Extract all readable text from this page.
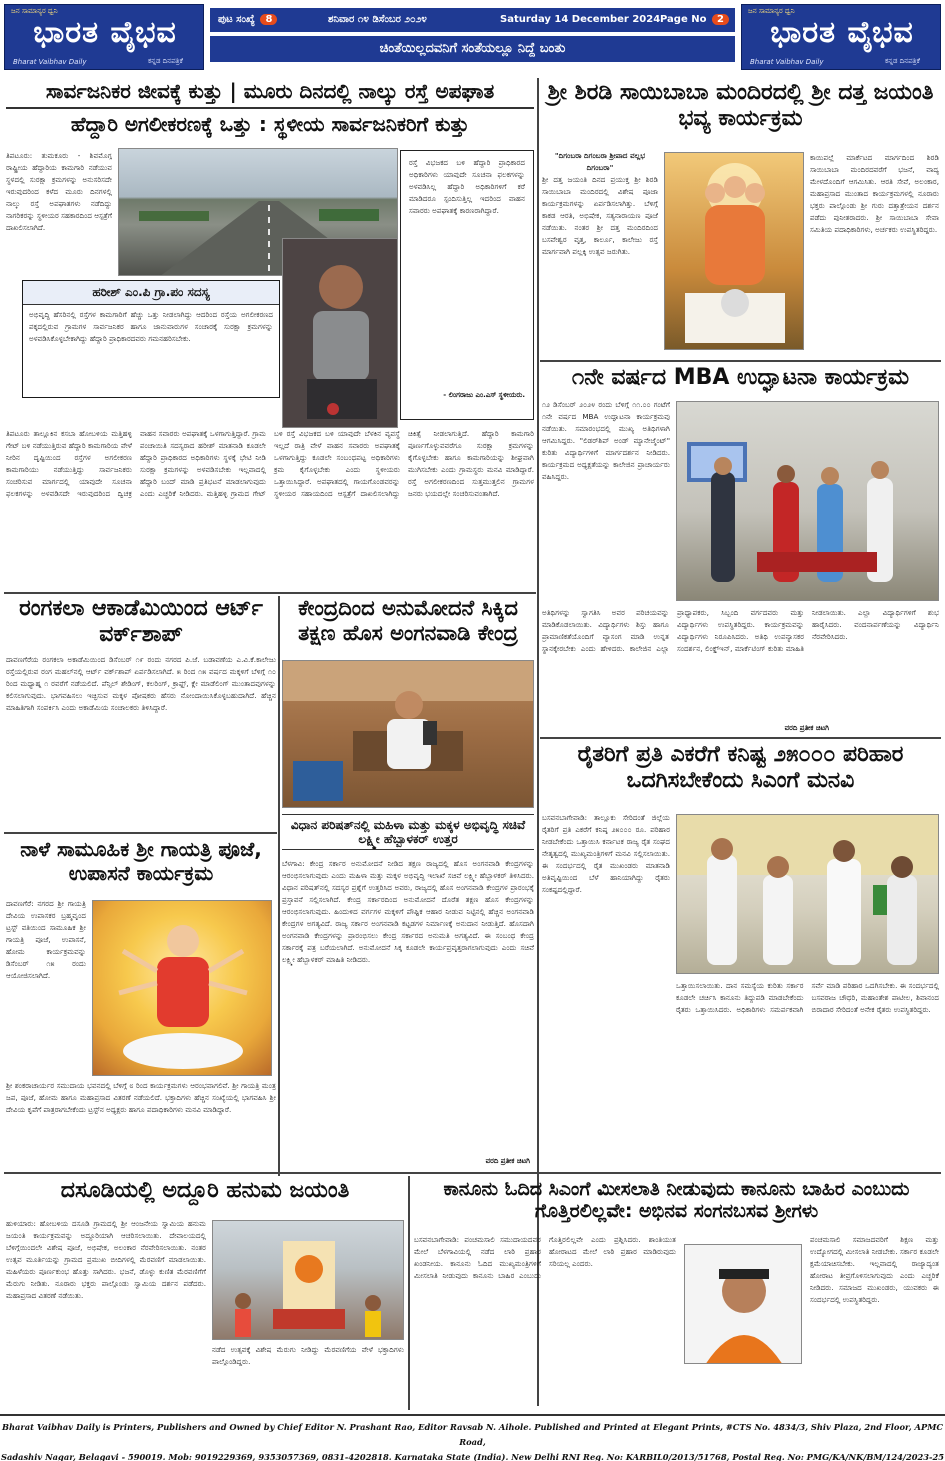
ಜನ ಸಾಮಾನ್ಯರ ಧ್ವನಿ
ಭಾರತ ವೈಭವ
Bharat Vaibhav Daily	ಕನ್ನಡ ದಿನಪತ್ರಿಕೆ
ಪುಟ ಸಂಖ್ಯೆ 8	ಶನಿವಾರ ೧೪ ಡಿಸೆಂಬರ ೨೦೨೪	Saturday 14 December 2024 Page No 2
ಚಿಂತೆಯಿಲ್ಲದವನಿಗೆ ಸಂತೆಯಲ್ಲೂ ನಿದ್ದೆ ಬಂತು
ಜನ ಸಾಮಾನ್ಯರ ಧ್ವನಿ
ಭಾರತ ವೈಭವ
Bharat Vaibhav Daily	ಕನ್ನಡ ದಿನಪತ್ರಿಕೆ
ಸಾರ್ವಜನಿಕರ ಜೀವಕ್ಕೆ ಕುತ್ತು | ಮೂರು ದಿನದಲ್ಲಿ ನಾಲ್ಕು ರಸ್ತೆ ಅಪಘಾತ
ಹೆದ್ದಾರಿ ಅಗಲೀಕರಣಕ್ಕೆ ಒತ್ತು : ಸ್ಥಳೀಯ ಸಾರ್ವಜನಿಕರಿಗೆ ಕುತ್ತು
ತಿಪಟೂರು: ತುಮಕೂರು - ಶಿವಮೊಗ್ಗ ರಾಷ್ಟ್ರೀಯ ಹೆದ್ದಾರಿಯ ಕಾಮಗಾರಿ ನಡೆಯುವ ಸ್ಥಳದಲ್ಲಿ ಸುರಕ್ಷಾ ಕ್ರಮಗಳನ್ನು ಅನುಸರಿಸದೇ ಇರುವುದರಿಂದ ಕಳೆದ ಮೂರು ದಿನಗಳಲ್ಲಿ ನಾಲ್ಕು ರಸ್ತೆ ಅಪಘಾತಗಳು ನಡೆದಿದ್ದು ನಾಗರಿಕರನ್ನು ಸ್ಥಳೀಯರ ಸಹಕಾರದಿಂದ ಆಸ್ಪತ್ರೆಗೆ ದಾಖಲಿಸಲಾಗಿದೆ.
ರಸ್ತೆ ವಿಭಜಕದ ಬಳಿ ಹೆದ್ದಾರಿ ಪ್ರಾಧಿಕಾರದ ಅಧಿಕಾರಿಗಳು ಯಾವುದೇ ಸೂಚನಾ ಫಲಕಗಳನ್ನು ಅಳವಡಿಸಿಲ್ಲ ಹೆದ್ದಾರಿ ಅಧಿಕಾರಿಗಳಿಗೆ ಕರೆ ಮಾಡಿದರೂ ಸ್ಪಂದಿಸುತ್ತಿಲ್ಲ ಇದರಿಂದ ವಾಹನ ಸವಾರರು ಅಪಘಾತಕ್ಕೆ ಕಾರಣರಾಗಿದ್ದಾರೆ.
- ಲಿಂಗರಾಜು ಎಂ.ಎಸ್ ಸ್ಥಳೀಯರು.
ಹರೀಶ್ ಎಂ.ಪಿ ಗ್ರಾ.ಪಂ ಸದಸ್ಯ
ಅಭಿವೃದ್ಧಿ ಹೆಸರಿನಲ್ಲಿ ರಸ್ತೆಗಳ ಕಾಮಗಾರಿಗೆ ಹೆಚ್ಚು ಒತ್ತು ನೀಡಲಾಗಿದ್ದು ಆದರಿಂದ ರಸ್ತೆಯ ಅಗಲೀಕರಣದ ಪಕ್ಕದಲ್ಲಿರುವ ಗ್ರಾಮಗಳ ಸಾರ್ವಜನಿಕರ ಹಾಗೂ ಜಾನುವಾರುಗಳ ಸಂಚಾರಕ್ಕೆ ಸುರಕ್ಷಾ ಕ್ರಮಗಳನ್ನು ಅಳವಡಿಸಿಕೊಳ್ಳಬೇಕಾಗಿದ್ದು ಹೆದ್ದಾರಿ ಪ್ರಾಧಿಕಾರದವರು ಗಮನಹರಿಸಬೇಕು.
ತಿಪಟೂರು ತಾಲ್ಲೂಕಿನ ಕಸಬಾ ಹೋಬಳಿಯ ಮತ್ತಿಹಳ್ಳಿ ಗೇಟ್ ಬಳಿ ನಡೆಯುತ್ತಿರುವ ಹೆದ್ದಾರಿ ಕಾಮಗಾರಿಯ ವೇಳೆ ನೀರಿನ ದೃಷ್ಟಿಯಿಂದ ರಸ್ತೆಗಳ ಅಗಲೀಕರಣ ಕಾಮಗಾರಿಯು ನಡೆಯುತ್ತಿದ್ದು ಸಾರ್ವಜನಿಕರು ಸಂಚರಿಸುವ ಮಾರ್ಗದಲ್ಲಿ ಯಾವುದೇ ಸೂಚನಾ ಫಲಕಗಳನ್ನು ಅಳವಡಿಸದೇ ಇರುವುದರಿಂದ ದ್ವಿಚಕ್ರ ವಾಹನ ಸವಾರರು ಅಪಘಾತಕ್ಕೆ ಒಳಗಾಗುತ್ತಿದ್ದಾರೆ. ಗ್ರಾಮ ಪಂಚಾಯಿತಿ ಸದಸ್ಯರಾದ ಹರೀಶ್ ಮಾತನಾಡಿ ಕೂಡಲೇ ಹೆದ್ದಾರಿ ಪ್ರಾಧಿಕಾರದ ಅಧಿಕಾರಿಗಳು ಸ್ಥಳಕ್ಕೆ ಭೇಟಿ ನೀಡಿ ಸುರಕ್ಷಾ ಕ್ರಮಗಳನ್ನು ಅಳವಡಿಸಬೇಕು ಇಲ್ಲವಾದಲ್ಲಿ ಹೆದ್ದಾರಿ ಬಂದ್ ಮಾಡಿ ಪ್ರತಿಭಟನೆ ಮಾಡಲಾಗುವುದು ಎಂದು ಎಚ್ಚರಿಕೆ ನೀಡಿದರು. ಮತ್ತಿಹಳ್ಳಿ ಗ್ರಾಮದ ಗೇಟ್ ಬಳಿ ರಸ್ತೆ ವಿಭಜಕದ ಬಳಿ ಯಾವುದೇ ಬೆಳಕಿನ ವ್ಯವಸ್ಥೆ ಇಲ್ಲದೆ ರಾತ್ರಿ ವೇಳೆ ವಾಹನ ಸವಾರರು ಅಪಘಾತಕ್ಕೆ ಒಳಗಾಗುತ್ತಿದ್ದು ಕೂಡಲೇ ಸಂಬಂಧಪಟ್ಟ ಅಧಿಕಾರಿಗಳು ಕ್ರಮ ಕೈಗೊಳ್ಳಬೇಕು ಎಂದು ಸ್ಥಳೀಯರು ಒತ್ತಾಯಿಸಿದ್ದಾರೆ. ಅಪಘಾತದಲ್ಲಿ ಗಾಯಗೊಂಡವರನ್ನು ಸ್ಥಳೀಯರ ಸಹಾಯದಿಂದ ಆಸ್ಪತ್ರೆಗೆ ದಾಖಲಿಸಲಾಗಿದ್ದು ಚಿಕಿತ್ಸೆ ನೀಡಲಾಗುತ್ತಿದೆ. ಹೆದ್ದಾರಿ ಕಾಮಗಾರಿ ಪೂರ್ಣಗೊಳ್ಳುವವರೆಗೂ ಸುರಕ್ಷಾ ಕ್ರಮಗಳನ್ನು ಕೈಗೊಳ್ಳಬೇಕು ಹಾಗೂ ಕಾಮಗಾರಿಯನ್ನು ಶೀಘ್ರವಾಗಿ ಮುಗಿಸಬೇಕು ಎಂದು ಗ್ರಾಮಸ್ಥರು ಮನವಿ ಮಾಡಿದ್ದಾರೆ. ರಸ್ತೆ ಅಗಲೀಕರಣದಿಂದ ಸುತ್ತಮುತ್ತಲಿನ ಗ್ರಾಮಗಳ ಜನರು ಭಯದಲ್ಲೇ ಸಂಚರಿಸುವಂತಾಗಿದೆ.
ಶ್ರೀ ಶಿರಡಿ ಸಾಯಿಬಾಬಾ ಮಂದಿರದಲ್ಲಿ ಶ್ರೀ ದತ್ತ ಜಯಂತಿ ಭವ್ಯ ಕಾರ್ಯಕ್ರಮ
"ದಿಗಂಬರಾ ದಿಗಂಬರಾ ಶ್ರೀಪಾದ ವಲ್ಲಭ ದಿಗಂಬರಾ"
ಶ್ರೀ ದತ್ತ ಜಯಂತಿ ದಿನದ ಪ್ರಯುಕ್ತ ಶ್ರೀ ಶಿರಡಿ ಸಾಯಿಬಾಬಾ ಮಂದಿರದಲ್ಲಿ ವಿಶೇಷ ಪೂಜಾ ಕಾರ್ಯಕ್ರಮಗಳನ್ನು ಏರ್ಪಡಿಸಲಾಗಿತ್ತು. ಬೆಳಿಗ್ಗೆ ಕಾಕಡ ಆರತಿ, ಅಭಿಷೇಕ, ಸತ್ಯನಾರಾಯಣ ಪೂಜೆ ನಡೆಯಿತು. ನಂತರ ಶ್ರೀ ದತ್ತ ಮಂದಿರದಿಂದ ಬಸವೇಶ್ವರ ವೃತ್ತ, ಕಾರ್ಲೂ, ಕಾಲೇಜು ರಸ್ತೆ ಮಾರ್ಗವಾಗಿ ಪಲ್ಲಕ್ಕಿ ಉತ್ಸವ ಜರುಗಿತು.
ಕಾಯಿಪಲ್ಲೆ ಮಾರ್ಕೆಟದ ಮಾರ್ಗದಿಂದ ಶಿರಡಿ ಸಾಯಿಬಾಬಾ ಮಂದಿರದವರೆಗೆ ಭಜನೆ, ವಾದ್ಯ ಮೇಳದೊಂದಿಗೆ ಆಗಮಿಸಿತು. ಆರತಿ ಸೇವೆ, ಅಲಂಕಾರ, ಮಹಾಪ್ರಸಾದ ಮುಂತಾದ ಕಾರ್ಯಕ್ರಮಗಳಲ್ಲಿ ನೂರಾರು ಭಕ್ತರು ಪಾಲ್ಗೊಂಡು ಶ್ರೀ ಗುರು ದತ್ತಾತ್ರೇಯನ ದರ್ಶನ ಪಡೆದು ಪುನೀತರಾದರು. ಶ್ರೀ ಸಾಯಿಬಾಬಾ ಸೇವಾ ಸಮಿತಿಯ ಪದಾಧಿಕಾರಿಗಳು, ಅರ್ಚಕರು ಉಪಸ್ಥಿತರಿದ್ದರು.
೧ನೇ ವರ್ಷದ MBA ಉದ್ಘಾಟನಾ ಕಾರ್ಯಕ್ರಮ
೧೨ ಡಿಸೆಂಬರ್ ೨೦೨೪ ರಂದು ಬೆಳಿಗ್ಗೆ ೧೧.೦೦ ಗಂಟೆಗೆ ೧ನೇ ವರ್ಷದ MBA ಉದ್ಘಾಟನಾ ಕಾರ್ಯಕ್ರಮವು ನಡೆಯಿತು. ಸಮಾರಂಭದಲ್ಲಿ ಮುಖ್ಯ ಅತಿಥಿಗಳಾಗಿ ಆಗಮಿಸಿದ್ದರು. "ಲಿಡರ್‌ಶಿಪ್ ಅಂಡ್ ಮ್ಯಾನೇಜ್ಮೆಂಟ್" ಕುರಿತು ವಿದ್ಯಾರ್ಥಿಗಳಿಗೆ ಮಾರ್ಗದರ್ಶನ ನೀಡಿದರು. ಕಾರ್ಯಕ್ರಮದ ಅಧ್ಯಕ್ಷತೆಯನ್ನು ಕಾಲೇಜಿನ ಪ್ರಾಚಾರ್ಯರು ವಹಿಸಿದ್ದರು.
ಅತಿಥಿಗಳನ್ನು ಸ್ವಾಗತಿಸಿ ಅವರ ಪರಿಚಯವನ್ನು ಮಾಡಿಕೊಡಲಾಯಿತು. ವಿದ್ಯಾರ್ಥಿಗಳು ಶಿಸ್ತು ಹಾಗೂ ಪ್ರಾಮಾಣಿಕತೆಯೊಂದಿಗೆ ವ್ಯಾಸಂಗ ಮಾಡಿ ಉನ್ನತ ಸ್ಥಾನಕ್ಕೇರಬೇಕು ಎಂದು ಹೇಳಿದರು. ಕಾಲೇಜಿನ ಎಲ್ಲಾ ಪ್ರಾಧ್ಯಾಪಕರು, ಸಿಬ್ಬಂದಿ ವರ್ಗದವರು ಮತ್ತು ವಿದ್ಯಾರ್ಥಿಗಳು ಉಪಸ್ಥಿತರಿದ್ದರು. ಕಾರ್ಯಕ್ರಮವನ್ನು ವಿದ್ಯಾರ್ಥಿಗಳು ನಿರೂಪಿಸಿದರು. ಅತಿಥಿ ಉಪನ್ಯಾಸಕರ ಸಂದರ್ಶನ, ಲಿಂಕ್ಡ್‌ಇನ್, ಮಾರ್ಕೆಟಿಂಗ್ ಕುರಿತು ಮಾಹಿತಿ ನೀಡಲಾಯಿತು. ಎಲ್ಲಾ ವಿದ್ಯಾರ್ಥಿಗಳಿಗೆ ಶುಭ ಹಾರೈಸಿದರು. ವಂದನಾರ್ಪಣೆಯನ್ನು ವಿದ್ಯಾರ್ಥಿನಿ ನೆರವೇರಿಸಿದರು.
ವರದಿ ಪ್ರತೀಕ ಚಿಟಗಿ
ರೈತರಿಗೆ ಪ್ರತಿ ಎಕರೆಗೆ ಕನಿಷ್ಟ ೨೫೦೦೦ ಪರಿಹಾರ ಒದಗಿಸಬೇಕೆಂದು ಸಿಎಂಗೆ ಮನವಿ
ಬಸವನಬಾಗೇವಾಡಿ: ತಾಲ್ಲೂಕು ಸೇರಿದಂತೆ ಜಿಲ್ಲೆಯ ರೈತರಿಗೆ ಪ್ರತಿ ಎಕರೆಗೆ ಕನಿಷ್ಠ ೨೫೦೦೦ ರೂ. ಪರಿಹಾರ ನೀಡಬೇಕೆಂದು ಒತ್ತಾಯಿಸಿ ಕರ್ನಾಟಕ ರಾಜ್ಯ ರೈತ ಸಂಘದ ನೇತೃತ್ವದಲ್ಲಿ ಮುಖ್ಯಮಂತ್ರಿಗಳಿಗೆ ಮನವಿ ಸಲ್ಲಿಸಲಾಯಿತು. ಈ ಸಂದರ್ಭದಲ್ಲಿ ರೈತ ಮುಖಂಡರು ಮಾತನಾಡಿ ಅತಿವೃಷ್ಟಿಯಿಂದ ಬೆಳೆ ಹಾನಿಯಾಗಿದ್ದು ರೈತರು ಸಂಕಷ್ಟದಲ್ಲಿದ್ದಾರೆ.
ಒತ್ತಾಯಿಸಲಾಯಿತು. ದಾನ ಸಮಸ್ಯೆಯ ಕುರಿತು ಸರ್ಕಾರ ಕೂಡಲೇ ಚರ್ಚಿಸಿ ಕಾನೂನು ತಿದ್ದುಪಡಿ ಮಾಡಬೇಕೆಂದು ರೈತರು ಒತ್ತಾಯಿಸಿದರು. ಅಧಿಕಾರಿಗಳು ಸಮರ್ಪಕವಾಗಿ ಸರ್ವೆ ಮಾಡಿ ಪರಿಹಾರ ಒದಗಿಸಬೇಕು. ಈ ಸಂದರ್ಭದಲ್ಲಿ ಬಸವರಾಜ ಚೌಧರಿ, ಮಹಾಂತೇಶ ಪಾಟೀಲ, ಶಿವಾನಂದ ಬಿರಾದಾರ ಸೇರಿದಂತೆ ಅನೇಕ ರೈತರು ಉಪಸ್ಥಿತರಿದ್ದರು.
ರಂಗಕಲಾ ಆಕಾಡೆಮಿಯಿಂದ ಆರ್ಟ್ ವರ್ಕ್‌ಶಾಪ್
ದಾವಣಗೆರೆಯ ರಂಗಕಲಾ ಅಕಾಡೆಮಿಯಿಂದ ಡಿಸೆಂಬರ್ ೧೯ ರಂದು ನಗರದ ಪಿ.ಜೆ. ಬಡಾವಣೆಯ ಎ.ವಿ.ಕೆ.ಕಾಲೇಜು ರಸ್ತೆಯಲ್ಲಿರುವ ರಂಗ ಮಹಲ್‌ನಲ್ಲಿ ಆರ್ಟ್ ವರ್ಕ್‌ಶಾಪ್ ಏರ್ಪಡಿಸಲಾಗಿದೆ. ೫ ರಿಂದ ೧೫ ವರ್ಷದ ಮಕ್ಕಳಿಗೆ ಬೆಳಿಗ್ಗೆ ೧೦ ರಿಂದ ಮಧ್ಯಾಹ್ನ ೧ ರವರೆಗೆ ನಡೆಯಲಿದೆ. ಪೆನ್ಸಿಲ್ ಶೇಡಿಂಗ್, ಕಲರಿಂಗ್, ಕ್ರಾಫ್ಟ್, ಕ್ಲೇ ಮಾಡೆಲಿಂಗ್ ಮುಂತಾದವುಗಳನ್ನು ಕಲಿಸಲಾಗುವುದು. ಭಾಗವಹಿಸಲು ಇಚ್ಛಿಸುವ ಮಕ್ಕಳ ಪೋಷಕರು ಹೆಸರು ನೋಂದಾಯಿಸಿಕೊಳ್ಳಬಹುದಾಗಿದೆ. ಹೆಚ್ಚಿನ ಮಾಹಿತಿಗಾಗಿ ಸಂಪರ್ಕಿಸಿ ಎಂದು ಅಕಾಡೆಮಿಯ ಸಂಚಾಲಕರು ತಿಳಿಸಿದ್ದಾರೆ.
ನಾಳೆ ಸಾಮೂಹಿಕ ಶ್ರೀ ಗಾಯತ್ರಿ ಪೂಜೆ, ಉಪಾಸನೆ ಕಾರ್ಯಕ್ರಮ
ದಾವಣಗೆರೆ: ನಗರದ ಶ್ರೀ ಗಾಯತ್ರಿ ದೇವಿಯ ಉಪಾಸಕರ ಬ್ರಹ್ಮವೃಂದ ಟ್ರಸ್ಟ್ ವತಿಯಿಂದ ಸಾಮೂಹಿಕ ಶ್ರೀ ಗಾಯತ್ರಿ ಪೂಜೆ, ಉಪಾಸನೆ, ಹೋಮ ಕಾರ್ಯಕ್ರಮವನ್ನು ಡಿಸೆಂಬರ್ ೧೫ ರಂದು ಆಯೋಜಿಸಲಾಗಿದೆ.
ಶ್ರೀ ಶಂಕರಾಚಾರ್ಯರ ಸಮುದಾಯ ಭವನದಲ್ಲಿ ಬೆಳಿಗ್ಗೆ ೮ ರಿಂದ ಕಾರ್ಯಕ್ರಮಗಳು ಆರಂಭವಾಗಲಿವೆ. ಶ್ರೀ ಗಾಯತ್ರಿ ಮಂತ್ರ ಜಪ, ಪೂಜೆ, ಹೋಮ ಹಾಗೂ ಮಹಾಪ್ರಸಾದ ವಿತರಣೆ ನಡೆಯಲಿದೆ. ಭಕ್ತಾದಿಗಳು ಹೆಚ್ಚಿನ ಸಂಖ್ಯೆಯಲ್ಲಿ ಭಾಗವಹಿಸಿ ಶ್ರೀ ದೇವಿಯ ಕೃಪೆಗೆ ಪಾತ್ರರಾಗಬೇಕೆಂದು ಟ್ರಸ್ಟ್‌ನ ಅಧ್ಯಕ್ಷರು ಹಾಗೂ ಪದಾಧಿಕಾರಿಗಳು ಮನವಿ ಮಾಡಿದ್ದಾರೆ.
ಕೇಂದ್ರದಿಂದ ಅನುಮೋದನೆ ಸಿಕ್ಕಿದ ತಕ್ಷಣ ಹೊಸ ಅಂಗನವಾಡಿ ಕೇಂದ್ರ
ವಿಧಾನ ಪರಿಷತ್‌ನಲ್ಲಿ ಮಹಿಳಾ ಮತ್ತು ಮಕ್ಕಳ ಅಭಿವೃದ್ಧಿ ಸಚಿವೆ ಲಕ್ಷ್ಮೀ ಹೆಬ್ಬಾಳಕರ್ ಉತ್ತರ
ಬೆಳಗಾವಿ: ಕೇಂದ್ರ ಸರ್ಕಾರ ಅನುಮೋದನೆ ನೀಡಿದ ತಕ್ಷಣ ರಾಜ್ಯದಲ್ಲಿ ಹೊಸ ಅಂಗನವಾಡಿ ಕೇಂದ್ರಗಳನ್ನು ಆರಂಭಿಸಲಾಗುವುದು ಎಂದು ಮಹಿಳಾ ಮತ್ತು ಮಕ್ಕಳ ಅಭಿವೃದ್ಧಿ ಇಲಾಖೆ ಸಚಿವೆ ಲಕ್ಷ್ಮೀ ಹೆಬ್ಬಾಳಕರ್ ತಿಳಿಸಿದರು. ವಿಧಾನ ಪರಿಷತ್‌ನಲ್ಲಿ ಸದಸ್ಯರ ಪ್ರಶ್ನೆಗೆ ಉತ್ತರಿಸಿದ ಅವರು, ರಾಜ್ಯದಲ್ಲಿ ಹೊಸ ಅಂಗನವಾಡಿ ಕೇಂದ್ರಗಳ ಪ್ರಾರಂಭಕ್ಕೆ ಪ್ರಸ್ತಾವನೆ ಸಲ್ಲಿಸಲಾಗಿದೆ. ಕೇಂದ್ರ ಸರ್ಕಾರದಿಂದ ಅನುಮೋದನೆ ದೊರೆತ ತಕ್ಷಣ ಹೊಸ ಕೇಂದ್ರಗಳನ್ನು ಆರಂಭಿಸಲಾಗುವುದು. ಹಿಂದುಳಿದ ವರ್ಗಗಳ ಮಕ್ಕಳಿಗೆ ಪೌಷ್ಟಿಕ ಆಹಾರ ನೀಡುವ ನಿಟ್ಟಿನಲ್ಲಿ ಹೆಚ್ಚಿನ ಅಂಗನವಾಡಿ ಕೇಂದ್ರಗಳ ಅಗತ್ಯವಿದೆ. ರಾಜ್ಯ ಸರ್ಕಾರ ಅಂಗನವಾಡಿ ಕಟ್ಟಡಗಳ ನಿರ್ಮಾಣಕ್ಕೆ ಅನುದಾನ ನೀಡುತ್ತಿದೆ. ಹೊಸದಾಗಿ ಅಂಗನವಾಡಿ ಕೇಂದ್ರಗಳನ್ನು ಪ್ರಾರಂಭಿಸಲು ಕೇಂದ್ರ ಸರ್ಕಾರದ ಅನುಮತಿ ಅಗತ್ಯವಿದೆ. ಈ ಸಂಬಂಧ ಕೇಂದ್ರ ಸರ್ಕಾರಕ್ಕೆ ಪತ್ರ ಬರೆಯಲಾಗಿದೆ. ಅನುಮೋದನೆ ಸಿಕ್ಕ ಕೂಡಲೇ ಕಾರ್ಯಪ್ರವೃತ್ತರಾಗಲಾಗುವುದು ಎಂದು ಸಚಿವೆ ಲಕ್ಷ್ಮೀ ಹೆಬ್ಬಾಳಕರ್ ಮಾಹಿತಿ ನೀಡಿದರು.
ವರದಿ ಪ್ರತೀಕ ಚಿಟಗಿ
ದಸೂಡಿಯಲ್ಲಿ ಅದ್ದೂರಿ ಹನುಮ ಜಯಂತಿ
ಹುಳಿಯಾರು: ಹೋಬಳಿಯ ದಸೂಡಿ ಗ್ರಾಮದಲ್ಲಿ ಶ್ರೀ ಆಂಜನೇಯ ಸ್ವಾಮಿಯ ಹನುಮ ಜಯಂತಿ ಕಾರ್ಯಕ್ರಮವನ್ನು ಅದ್ದೂರಿಯಾಗಿ ಆಚರಿಸಲಾಯಿತು. ದೇವಾಲಯದಲ್ಲಿ ಬೆಳಿಗ್ಗೆಯಿಂದಲೇ ವಿಶೇಷ ಪೂಜೆ, ಅಭಿಷೇಕ, ಅಲಂಕಾರ ನೆರವೇರಿಸಲಾಯಿತು. ನಂತರ ಉತ್ಸವ ಮೂರ್ತಿಯನ್ನು ಗ್ರಾಮದ ಪ್ರಮುಖ ಬೀದಿಗಳಲ್ಲಿ ಮೆರವಣಿಗೆ ಮಾಡಲಾಯಿತು. ಮಹಿಳೆಯರು ಪೂರ್ಣಕುಂಭ ಹೊತ್ತು ಸಾಗಿದರು. ಭಜನೆ, ಡೊಳ್ಳು ಕುಣಿತ ಮೆರವಣಿಗೆಗೆ ಮೆರುಗು ನೀಡಿತು. ನೂರಾರು ಭಕ್ತರು ಪಾಲ್ಗೊಂಡು ಸ್ವಾಮಿಯ ದರ್ಶನ ಪಡೆದರು. ಮಹಾಪ್ರಸಾದ ವಿತರಣೆ ನಡೆಯಿತು.
ನಡೆದ ಉತ್ಸವಕ್ಕೆ ವಿಶೇಷ ಮೆರುಗು ನೀಡಿದ್ದು ಮೆರವಣಿಗೆಯ ವೇಳೆ ಭಕ್ತಾದಿಗಳು ಪಾಲ್ಗೊಂಡಿದ್ದರು.
ಕಾನೂನು ಓದಿದ ಸಿಎಂಗೆ ಮೀಸಲಾತಿ ನೀಡುವುದು ಕಾನೂನು ಬಾಹಿರ ಎಂಬುದು ಗೊತ್ತಿರಲಿಲ್ಲವೇ: ಅಭಿನವ ಸಂಗನಬಸವ ಶ್ರೀಗಳು
ಬಸವನಬಾಗೇವಾಡಿ: ಪಂಚಮಸಾಲಿ ಸಮುದಾಯದವರ ಮೇಲೆ ಬೆಳಗಾವಿಯಲ್ಲಿ ನಡೆದ ಲಾಠಿ ಪ್ರಹಾರ ಖಂಡನೀಯ. ಕಾನೂನು ಓದಿದ ಮುಖ್ಯಮಂತ್ರಿಗಳಿಗೆ ಮೀಸಲಾತಿ ನೀಡುವುದು ಕಾನೂನು ಬಾಹಿರ ಎಂಬುದು ಗೊತ್ತಿರಲಿಲ್ಲವೇ ಎಂದು ಪ್ರಶ್ನಿಸಿದರು. ಶಾಂತಿಯುತ ಹೋರಾಟದ ಮೇಲೆ ಲಾಠಿ ಪ್ರಹಾರ ಮಾಡಿರುವುದು ಸರಿಯಲ್ಲ ಎಂದರು.
ಪಂಚಮಸಾಲಿ ಸಮಾಜದವರಿಗೆ ಶಿಕ್ಷಣ ಮತ್ತು ಉದ್ಯೋಗದಲ್ಲಿ ಮೀಸಲಾತಿ ನೀಡಬೇಕು. ಸರ್ಕಾರ ಕೂಡಲೇ ಕ್ಷಮೆಯಾಚಿಸಬೇಕು. ಇಲ್ಲವಾದಲ್ಲಿ ರಾಜ್ಯಾದ್ಯಂತ ಹೋರಾಟ ತೀವ್ರಗೊಳಿಸಲಾಗುವುದು ಎಂದು ಎಚ್ಚರಿಕೆ ನೀಡಿದರು. ಸಮಾಜದ ಮುಖಂಡರು, ಯುವಕರು ಈ ಸಂದರ್ಭದಲ್ಲಿ ಉಪಸ್ಥಿತರಿದ್ದರು.
Bharat Vaibhav Daily is Printers, Publishers and Owned by Chief Editor N. Prashant Rao, Editor Ravsab N. Aihole. Published and Printed at Elegant Prints, #CTS No. 4834/3, Shiv Plaza, 2nd Floor, APMC Road,
Sadashiv Nagar, Belagavi - 590019. Mob: 9019229369, 9353057369, 0831-4202818. Karnataka State (India). New Delhi RNI Reg. No: KARBIL0/2013/51768, Postal Reg. No: PMG/KA/NK/BM/124/2023-25
